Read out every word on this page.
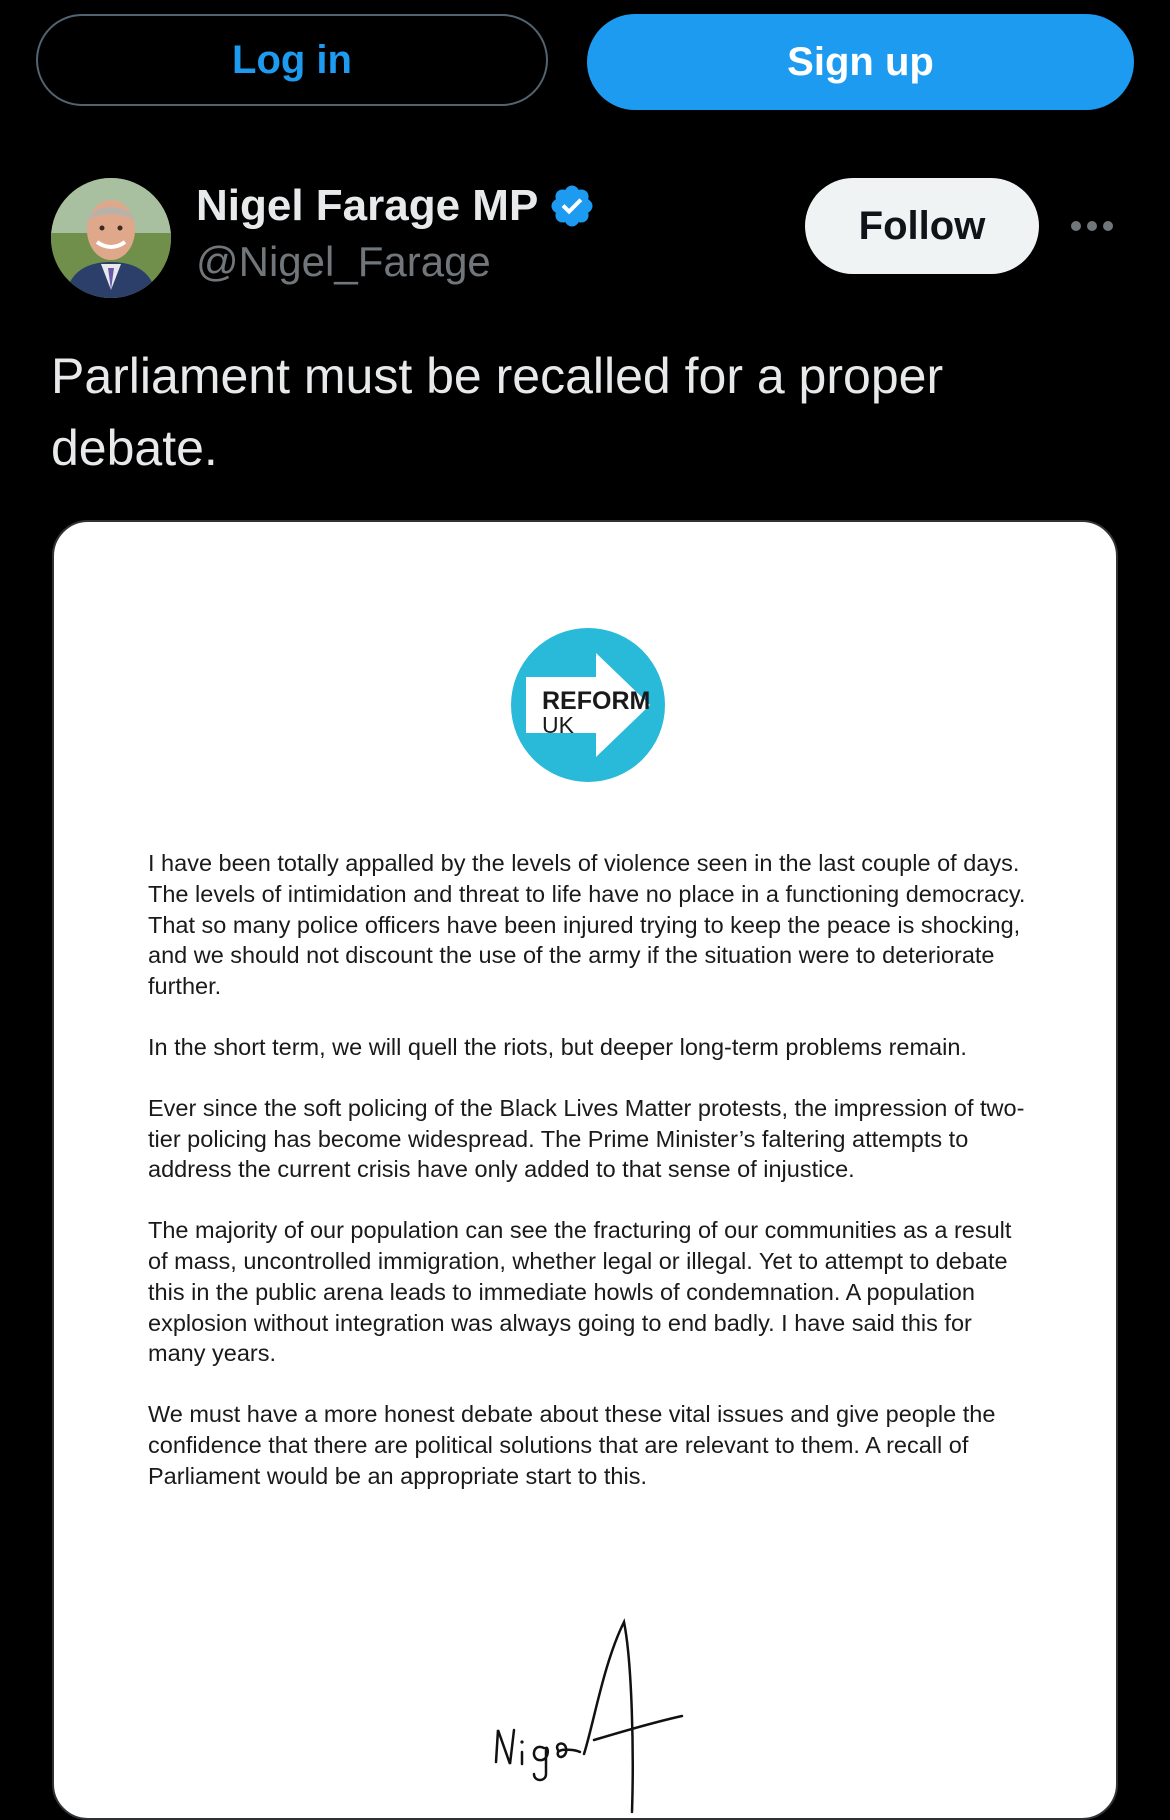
Log in	Sign up
Nigel Farage MP
@Nigel_Farage
Follow

Parliament must be recalled for a proper debate.

REFORM
UK

I have been totally appalled by the levels of violence seen in the last couple of days. The levels of intimidation and threat to life have no place in a functioning democracy. That so many police officers have been injured trying to keep the peace is shocking, and we should not discount the use of the army if the situation were to deteriorate further.

In the short term, we will quell the riots, but deeper long-term problems remain.

Ever since the soft policing of the Black Lives Matter protests, the impression of two-tier policing has become widespread. The Prime Minister’s faltering attempts to address the current crisis have only added to that sense of injustice.

The majority of our population can see the fracturing of our communities as a result of mass, uncontrolled immigration, whether legal or illegal. Yet to attempt to debate this in the public arena leads to immediate howls of condemnation. A population explosion without integration was always going to end badly. I have said this for many years.

We must have a more honest debate about these vital issues and give people the confidence that there are political solutions that are relevant to them. A recall of Parliament would be an appropriate start to this.
